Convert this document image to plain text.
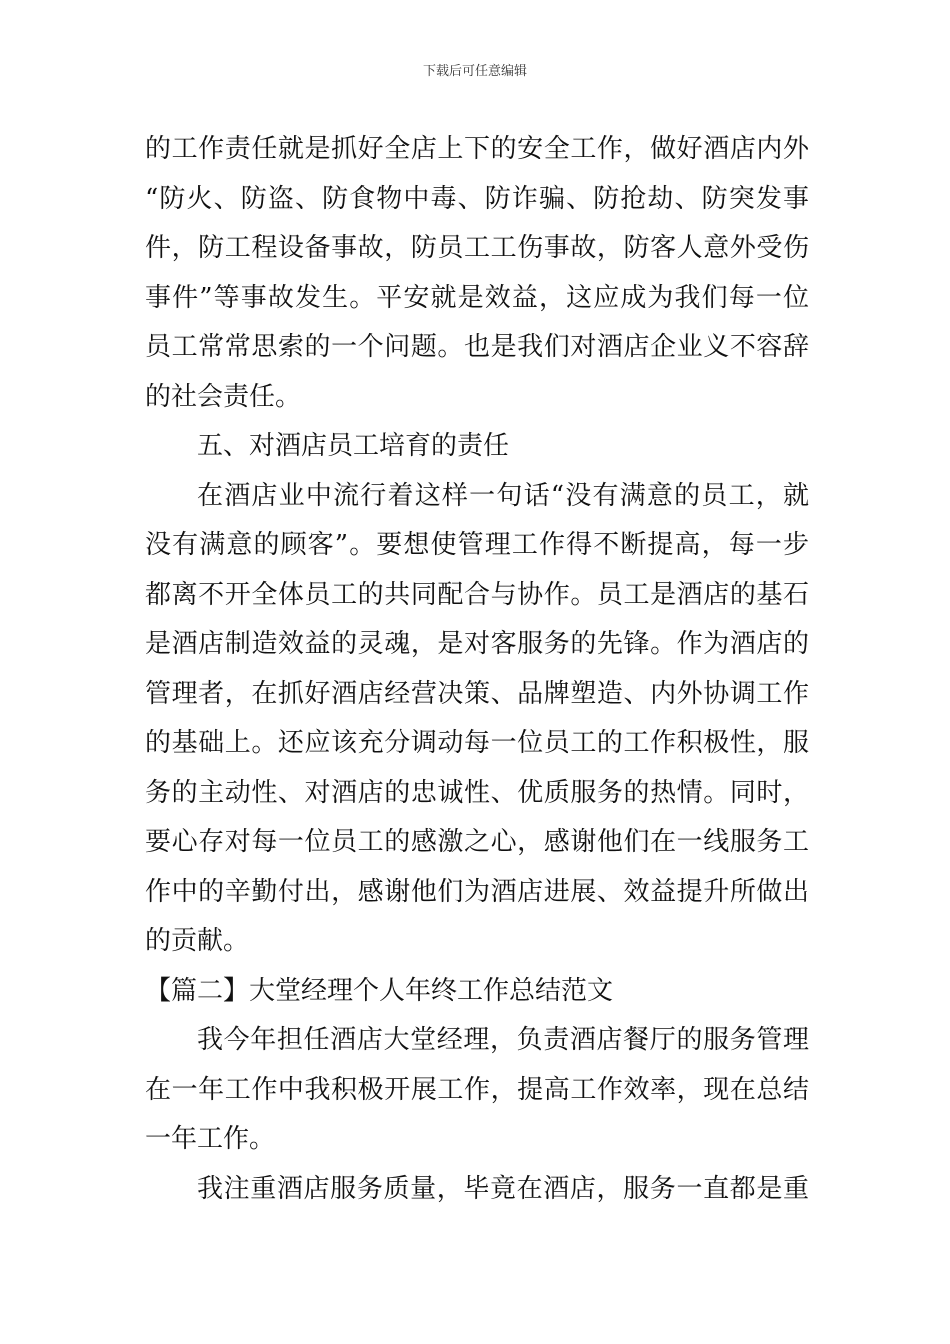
下载后可任意编辑
的工作责任就是抓好全店上下的安全工作，做好酒店内外
“防火、防盗、防食物中毒、防诈骗、防抢劫、防突发事
件，防工程设备事故，防员工工伤事故，防客人意外受伤
事件”等事故发生。平安就是效益，这应成为我们每一位
员工常常思索的一个问题。也是我们对酒店企业义不容辞
的社会责任。
五、对酒店员工培育的责任
在酒店业中流行着这样一句话“没有满意的员工，就
没有满意的顾客”。要想使管理工作得不断提高，每一步
都离不开全体员工的共同配合与协作。员工是酒店的基石
是酒店制造效益的灵魂，是对客服务的先锋。作为酒店的
管理者，在抓好酒店经营决策、品牌塑造、内外协调工作
的基础上。还应该充分调动每一位员工的工作积极性，服
务的主动性、对酒店的忠诚性、优质服务的热情。同时，
要心存对每一位员工的感激之心，感谢他们在一线服务工
作中的辛勤付出，感谢他们为酒店进展、效益提升所做出
的贡献。
【篇二】大堂经理个人年终工作总结范文
我今年担任酒店大堂经理，负责酒店餐厅的服务管理
在一年工作中我积极开展工作，提高工作效率，现在总结
一年工作。
我注重酒店服务质量，毕竟在酒店，服务一直都是重
